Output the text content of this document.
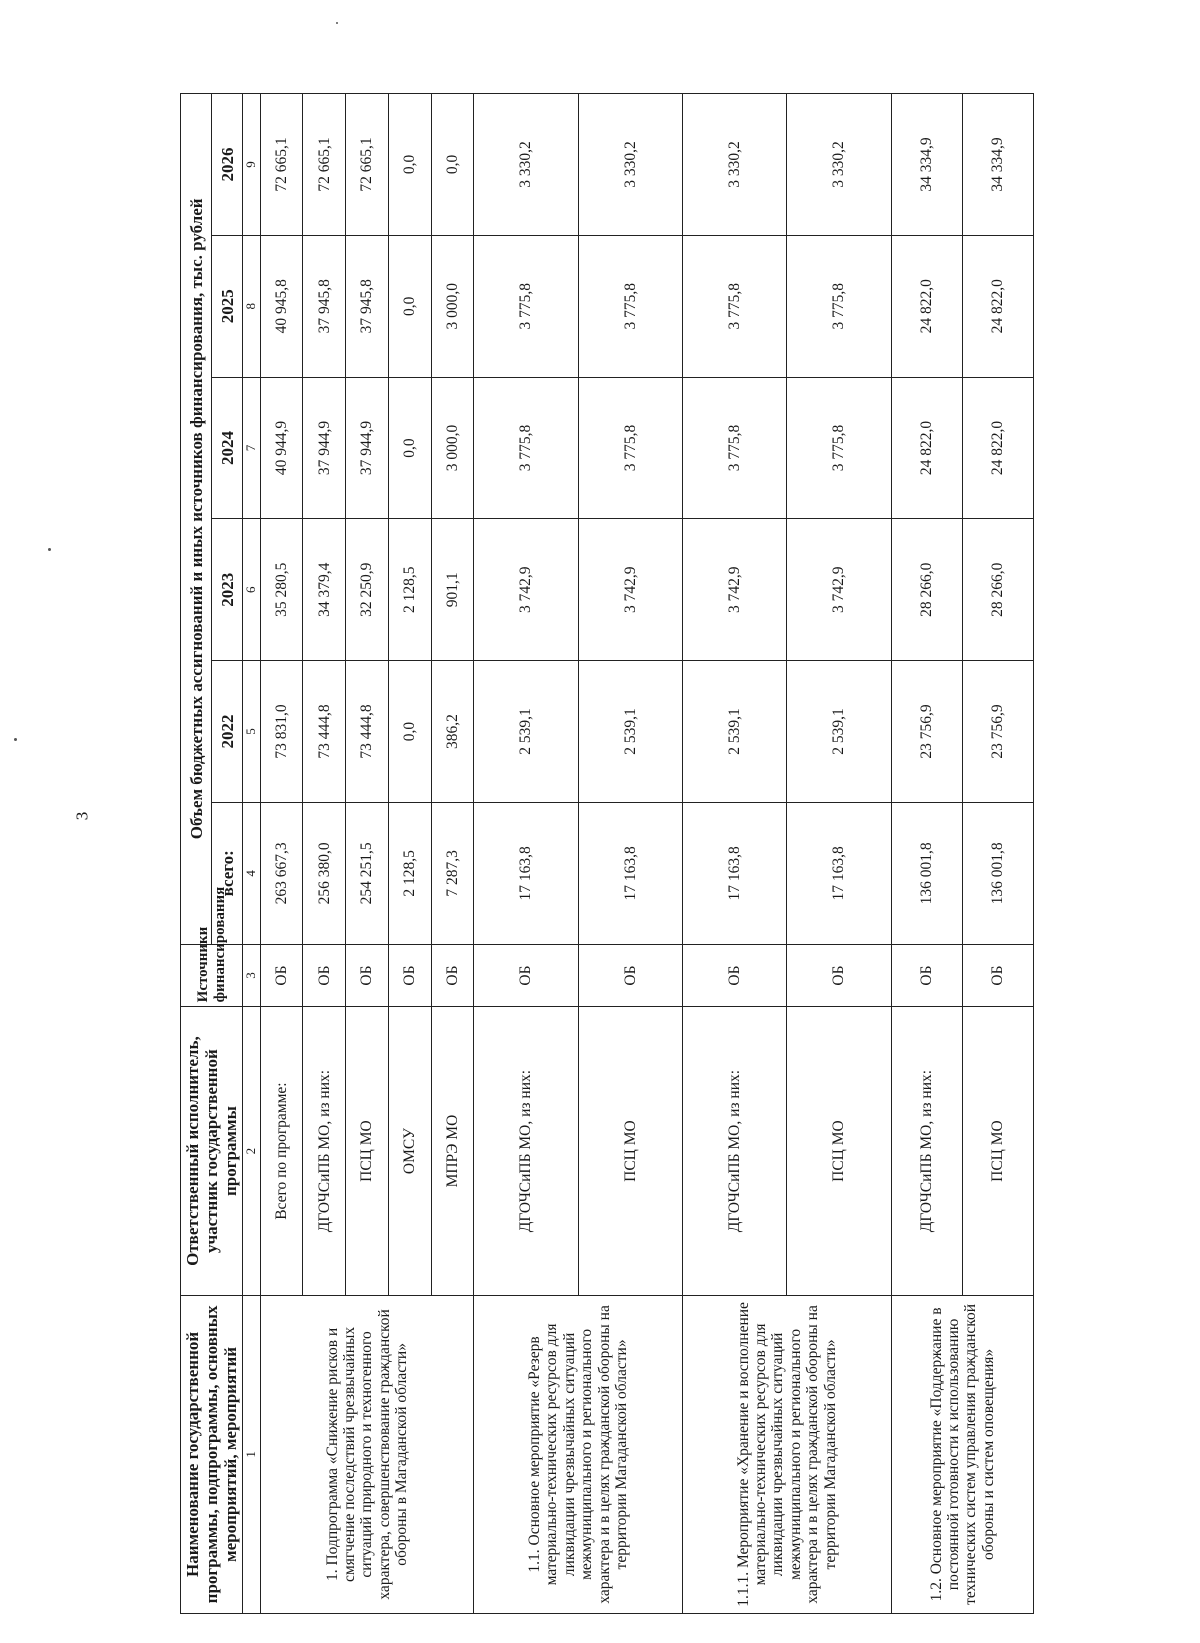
3
Наименование государственной программы, подпрограммы, основных мероприятий, мероприятий	Ответственный исполнитель, участник государственной программы	Источники финансирования	Объем бюджетных ассигнований и иных источников финансирования, тыс. рублей					
			всего:	2022	2023	2024	2025	2026
1	2	3	4	5	6	7	8	9
1. Подпрограмма «Снижение рисков и смягчение последствий чрезвычайных ситуаций природного и техногенного характера, совершенствование гражданской обороны в Магаданской области»	Всего по программе:	ОБ	263 667,3	73 831,0	35 280,5	40 944,9	40 945,8	72 665,1
	ДГОЧСиПБ МО, из них:	ОБ	256 380,0	73 444,8	34 379,4	37 944,9	37 945,8	72 665,1
	ПСЦ МО	ОБ	254 251,5	73 444,8	32 250,9	37 944,9	37 945,8	72 665,1
	ОМСУ	ОБ	2 128,5	0,0	2 128,5	0,0	0,0	0,0
	МПРЭ МО	ОБ	7 287,3	386,2	901,1	3 000,0	3 000,0	0,0
1.1. Основное мероприятие «Резерв материально-технических ресурсов для ликвидации чрезвычайных ситуаций межмуниципального и регионального характера и в целях гражданской обороны на территории Магаданской области»	ДГОЧСиПБ МО, из них:	ОБ	17 163,8	2 539,1	3 742,9	3 775,8	3 775,8	3 330,2
	ПСЦ МО	ОБ	17 163,8	2 539,1	3 742,9	3 775,8	3 775,8	3 330,2
1.1.1. Мероприятие «Хранение и восполнение материально-технических ресурсов для ликвидации чрезвычайных ситуаций межмуниципального и регионального характера и в целях гражданской обороны на территории Магаданской области»	ДГОЧСиПБ МО, из них:	ОБ	17 163,8	2 539,1	3 742,9	3 775,8	3 775,8	3 330,2
	ПСЦ МО	ОБ	17 163,8	2 539,1	3 742,9	3 775,8	3 775,8	3 330,2
1.2. Основное мероприятие «Поддержание в постоянной готовности к использованию технических систем управления гражданской обороны и систем оповещения»	ДГОЧСиПБ МО, из них:	ОБ	136 001,8	23 756,9	28 266,0	24 822,0	24 822,0	34 334,9
	ПСЦ МО	ОБ	136 001,8	23 756,9	28 266,0	24 822,0	24 822,0	34 334,9
